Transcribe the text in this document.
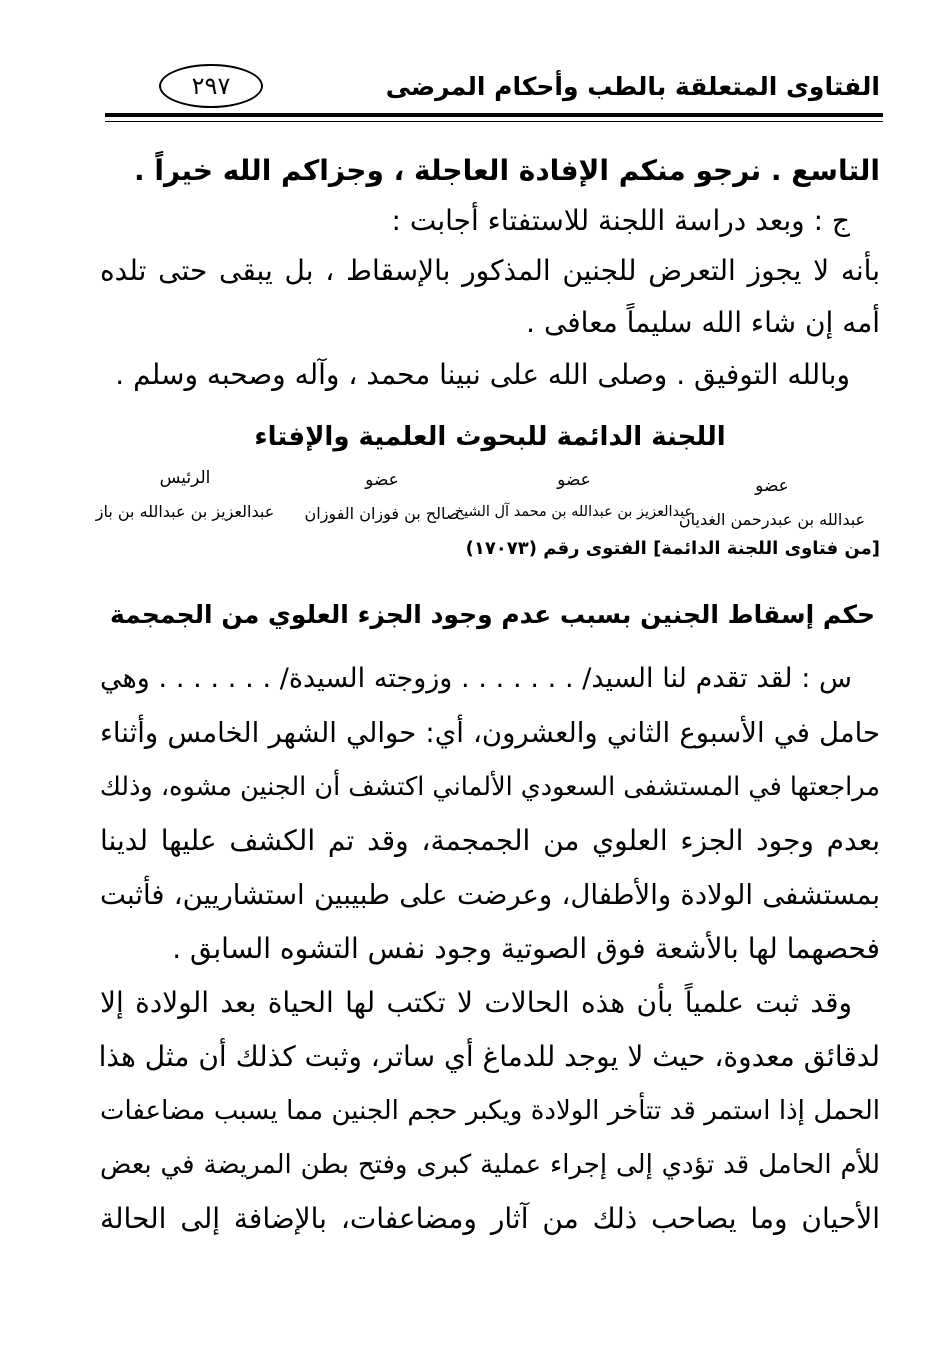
الفتاوى المتعلقة بالطب وأحكام المرضى
٢٩٧
التاسع . نرجو منكم الإفادة العاجلة ، وجزاكم الله خيراً .
ج : وبعد دراسة اللجنة للاستفتاء أجابت :
بأنه لا يجوز التعرض للجنين المذكور بالإسقاط ، بل يبقى حتى تلده
أمه إن شاء الله سليماً معافى .
وبالله التوفيق . وصلى الله على نبينا محمد ، وآله وصحبه وسلم .
اللجنة الدائمة للبحوث العلمية والإفتاء
عضو
عبدالله بن عبدرحمن الغديان
عضو
عبدالعزيز بن عبدالله بن محمد آل الشيخ
عضو
صالح بن فوزان الفوزان
الرئيس
عبدالعزيز بن عبدالله بن باز
[من فتاوى اللجنة الدائمة] الفتوى رقم (١٧٠٧٣)
حكم إسقاط الجنين بسبب عدم وجود الجزء العلوي من الجمجمة
س : لقد تقدم لنا السيد/ . . . . . . . وزوجته السيدة/ . . . . . . . وهي
حامل في الأسبوع الثاني والعشرون، أي: حوالي الشهر الخامس وأثناء
مراجعتها في المستشفى السعودي الألماني اكتشف أن الجنين مشوه، وذلك
بعدم وجود الجزء العلوي من الجمجمة، وقد تم الكشف عليها لدينا
بمستشفى الولادة والأطفال، وعرضت على طبيبين استشاريين، فأثبت
فحصهما لها بالأشعة فوق الصوتية وجود نفس التشوه السابق .
وقد ثبت علمياً بأن هذه الحالات لا تكتب لها الحياة بعد الولادة إلا
لدقائق معدوة، حيث لا يوجد للدماغ أي ساتر، وثبت كذلك أن مثل هذا
الحمل إذا استمر قد تتأخر الولادة ويكبر حجم الجنين مما يسبب مضاعفات
للأم الحامل قد تؤدي إلى إجراء عملية كبرى وفتح بطن المريضة في بعض
الأحيان وما يصاحب ذلك من آثار ومضاعفات، بالإضافة إلى الحالة
